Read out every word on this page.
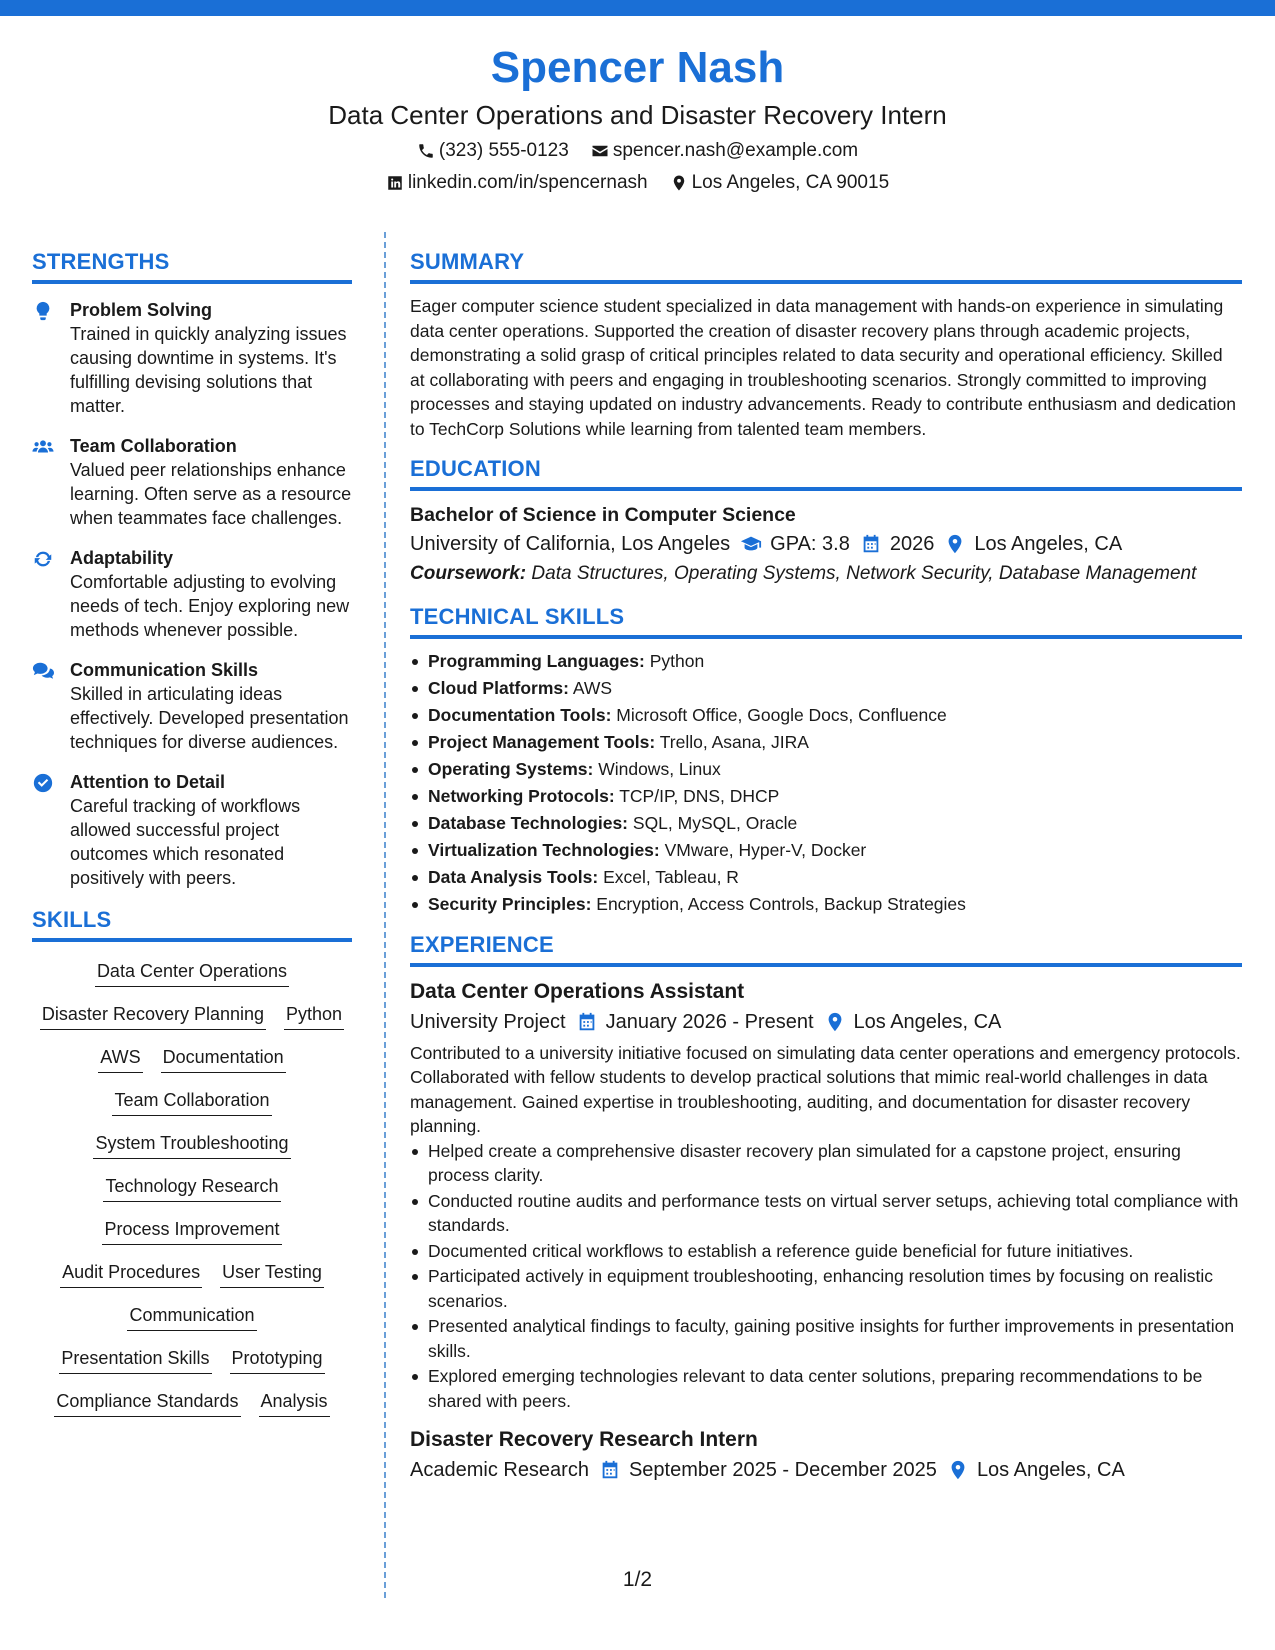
Spencer Nash
Data Center Operations and Disaster Recovery Intern
(323) 555-0123 spencer.nash@example.com
linkedin.com/in/spencernash Los Angeles, CA 90015
STRENGTHS
Problem Solving
Trained in quickly analyzing issues causing downtime in systems. It's fulfilling devising solutions that matter.
Team Collaboration
Valued peer relationships enhance learning. Often serve as a resource when teammates face challenges.
Adaptability
Comfortable adjusting to evolving needs of tech. Enjoy exploring new methods whenever possible.
Communication Skills
Skilled in articulating ideas effectively. Developed presentation techniques for diverse audiences.
Attention to Detail
Careful tracking of workflows allowed successful project outcomes which resonated positively with peers.
SKILLS
Data Center Operations
Disaster Recovery Planning Python
AWS Documentation
Team Collaboration
System Troubleshooting
Technology Research
Process Improvement
Audit Procedures User Testing
Communication
Presentation Skills Prototyping
Compliance Standards Analysis
SUMMARY
Eager computer science student specialized in data management with hands-on experience in simulating data center operations. Supported the creation of disaster recovery plans through academic projects, demonstrating a solid grasp of critical principles related to data security and operational efficiency. Skilled at collaborating with peers and engaging in troubleshooting scenarios. Strongly committed to improving processes and staying updated on industry advancements. Ready to contribute enthusiasm and dedication to TechCorp Solutions while learning from talented team members.
EDUCATION
Bachelor of Science in Computer Science
University of California, Los Angeles GPA: 3.8 2026 Los Angeles, CA
Coursework: Data Structures, Operating Systems, Network Security, Database Management
TECHNICAL SKILLS
Programming Languages: Python
Cloud Platforms: AWS
Documentation Tools: Microsoft Office, Google Docs, Confluence
Project Management Tools: Trello, Asana, JIRA
Operating Systems: Windows, Linux
Networking Protocols: TCP/IP, DNS, DHCP
Database Technologies: SQL, MySQL, Oracle
Virtualization Technologies: VMware, Hyper-V, Docker
Data Analysis Tools: Excel, Tableau, R
Security Principles: Encryption, Access Controls, Backup Strategies
EXPERIENCE
Data Center Operations Assistant
University Project January 2026 - Present Los Angeles, CA
Contributed to a university initiative focused on simulating data center operations and emergency protocols. Collaborated with fellow students to develop practical solutions that mimic real-world challenges in data management. Gained expertise in troubleshooting, auditing, and documentation for disaster recovery planning.
Helped create a comprehensive disaster recovery plan simulated for a capstone project, ensuring process clarity.
Conducted routine audits and performance tests on virtual server setups, achieving total compliance with standards.
Documented critical workflows to establish a reference guide beneficial for future initiatives.
Participated actively in equipment troubleshooting, enhancing resolution times by focusing on realistic scenarios.
Presented analytical findings to faculty, gaining positive insights for further improvements in presentation skills.
Explored emerging technologies relevant to data center solutions, preparing recommendations to be shared with peers.
Disaster Recovery Research Intern
Academic Research September 2025 - December 2025 Los Angeles, CA
1/2
